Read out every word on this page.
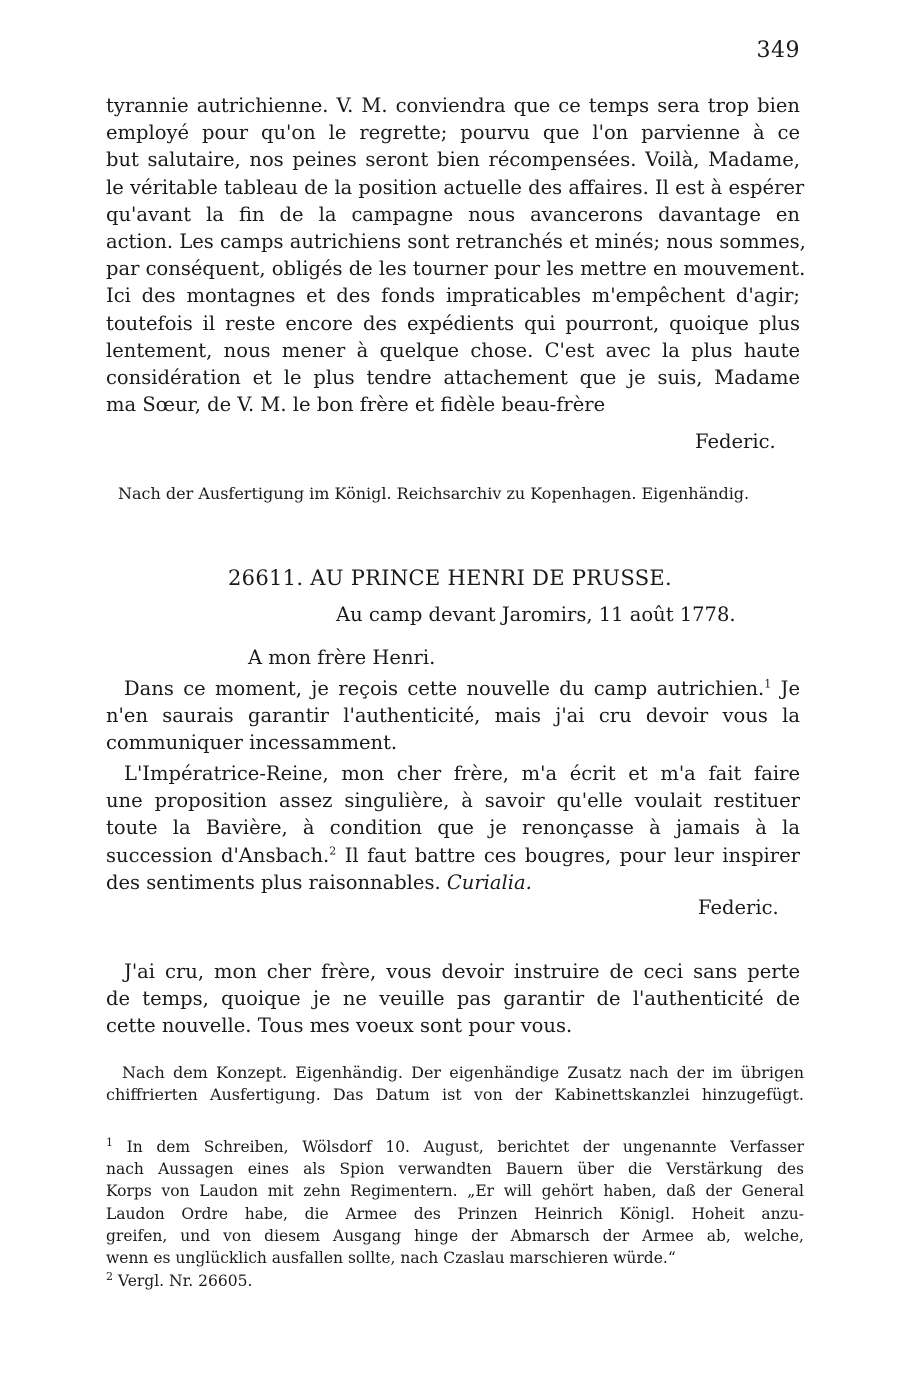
349
tyrannie autrichienne. V. M. conviendra que ce temps sera trop bien
employé pour qu'on le regrette; pourvu que l'on parvienne à ce
but salutaire, nos peines seront bien récompensées. Voilà, Madame,
le véritable tableau de la position actuelle des affaires. Il est à espérer
qu'avant la fin de la campagne nous avancerons davantage en
action. Les camps autrichiens sont retranchés et minés; nous sommes,
par conséquent, obligés de les tourner pour les mettre en mouvement.
Ici des montagnes et des fonds impraticables m'empêchent d'agir;
toutefois il reste encore des expédients qui pourront, quoique plus
lentement, nous mener à quelque chose. C'est avec la plus haute
considération et le plus tendre attachement que je suis, Madame
ma Sœur, de V. M. le bon frère et fidèle beau-frère
Federic.
Nach der Ausfertigung im Königl. Reichsarchiv zu Kopenhagen. Eigenhändig.
26611. AU PRINCE HENRI DE PRUSSE.
Au camp devant Jaromirs, 11 août 1778.
A mon frère Henri.
Dans ce moment, je reçois cette nouvelle du camp autrichien.$^1$ Je
n'en saurais garantir l'authenticité, mais j'ai cru devoir vous la
communiquer incessamment.
L'Impératrice-Reine, mon cher frère, m'a écrit et m'a fait faire
une proposition assez singulière, à savoir qu'elle voulait restituer
toute la Bavière, à condition que je renonçasse à jamais à la
succession d'Ansbach.$^2$ Il faut battre ces bougres, pour leur inspirer
des sentiments plus raisonnables. Curialia.
Federic.
J'ai cru, mon cher frère, vous devoir instruire de ceci sans perte
de temps, quoique je ne veuille pas garantir de l'authenticité de
cette nouvelle. Tous mes voeux sont pour vous.
Nach dem Konzept. Eigenhändig. Der eigenhändige Zusatz nach der im übrigen
chiffrierten Ausfertigung. Das Datum ist von der Kabinettskanzlei hinzugefügt.
$^1$ In dem Schreiben, Wölsdorf 10. August, berichtet der ungenannte Verfasser
nach Aussagen eines als Spion verwandten Bauern über die Verstärkung des
Korps von Laudon mit zehn Regimentern. „Er will gehört haben, daß der General
Laudon Ordre habe, die Armee des Prinzen Heinrich Königl. Hoheit anzu-
greifen, und von diesem Ausgang hinge der Abmarsch der Armee ab, welche,
wenn es unglücklich ausfallen sollte, nach Czaslau marschieren würde.“
$^2$ Vergl. Nr. 26605.
